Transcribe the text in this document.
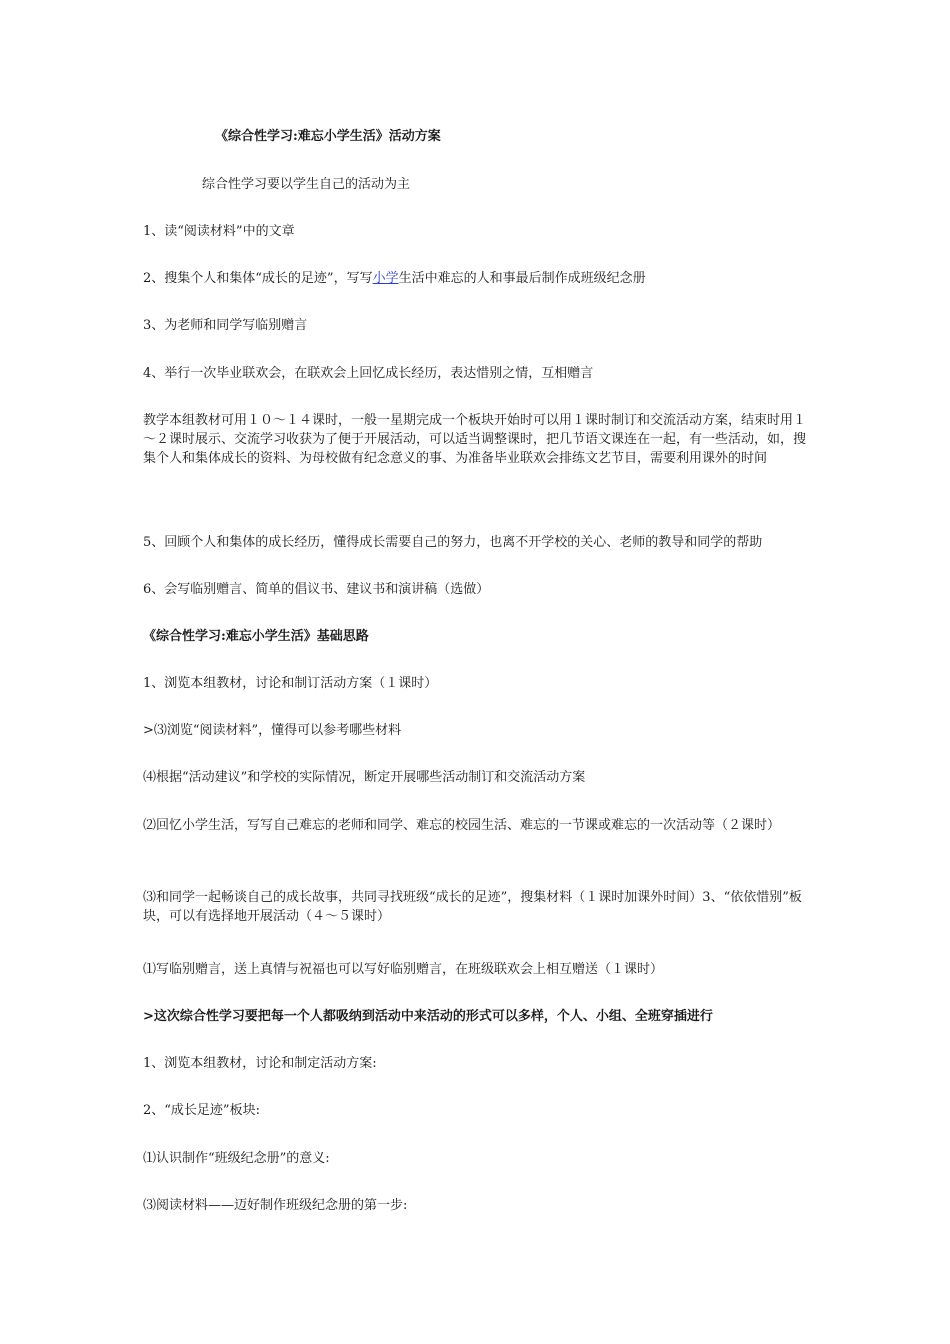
《综合性学习:难忘小学生活》活动方案

综合性学习要以学生自己的活动为主

1、读“阅读材料”中的文章

2、搜集个人和集体“成长的足迹”，写写小学生活中难忘的人和事最后制作成班级纪念册

3、为老师和同学写临别赠言

4、举行一次毕业联欢会，在联欢会上回忆成长经历，表达惜别之情，互相赠言

教学本组教材可用１０～１４课时，一般一星期完成一个板块开始时可以用１课时制订和交流活动方案，结束时用１～２课时展示、交流学习收获为了便于开展活动，可以适当调整课时，把几节语文课连在一起，有一些活动，如，搜集个人和集体成长的资料、为母校做有纪念意义的事、为准备毕业联欢会排练文艺节目，需要利用课外的时间

5、回顾个人和集体的成长经历，懂得成长需要自己的努力，也离不开学校的关心、老师的教导和同学的帮助

6、会写临别赠言、简单的倡议书、建议书和演讲稿（选做）

《综合性学习:难忘小学生活》基础思路

1、浏览本组教材，讨论和制订活动方案（１课时）

>⑶浏览“阅读材料”，懂得可以参考哪些材料

⑷根据“活动建议”和学校的实际情况，断定开展哪些活动制订和交流活动方案

⑵回忆小学生活，写写自己难忘的老师和同学、难忘的校园生活、难忘的一节课或难忘的一次活动等（２课时）

⑶和同学一起畅谈自己的成长故事，共同寻找班级“成长的足迹”，搜集材料（１课时加课外时间）3、“依依惜别”板块，可以有选择地开展活动（４～５课时）

⑴写临别赠言，送上真情与祝福也可以写好临别赠言，在班级联欢会上相互赠送（１课时）

>这次综合性学习要把每一个人都吸纳到活动中来活动的形式可以多样，个人、小组、全班穿插进行

1、浏览本组教材，讨论和制定活动方案:

2、“成长足迹”板块:

⑴认识制作“班级纪念册”的意义:

⑶阅读材料——迈好制作班级纪念册的第一步:
